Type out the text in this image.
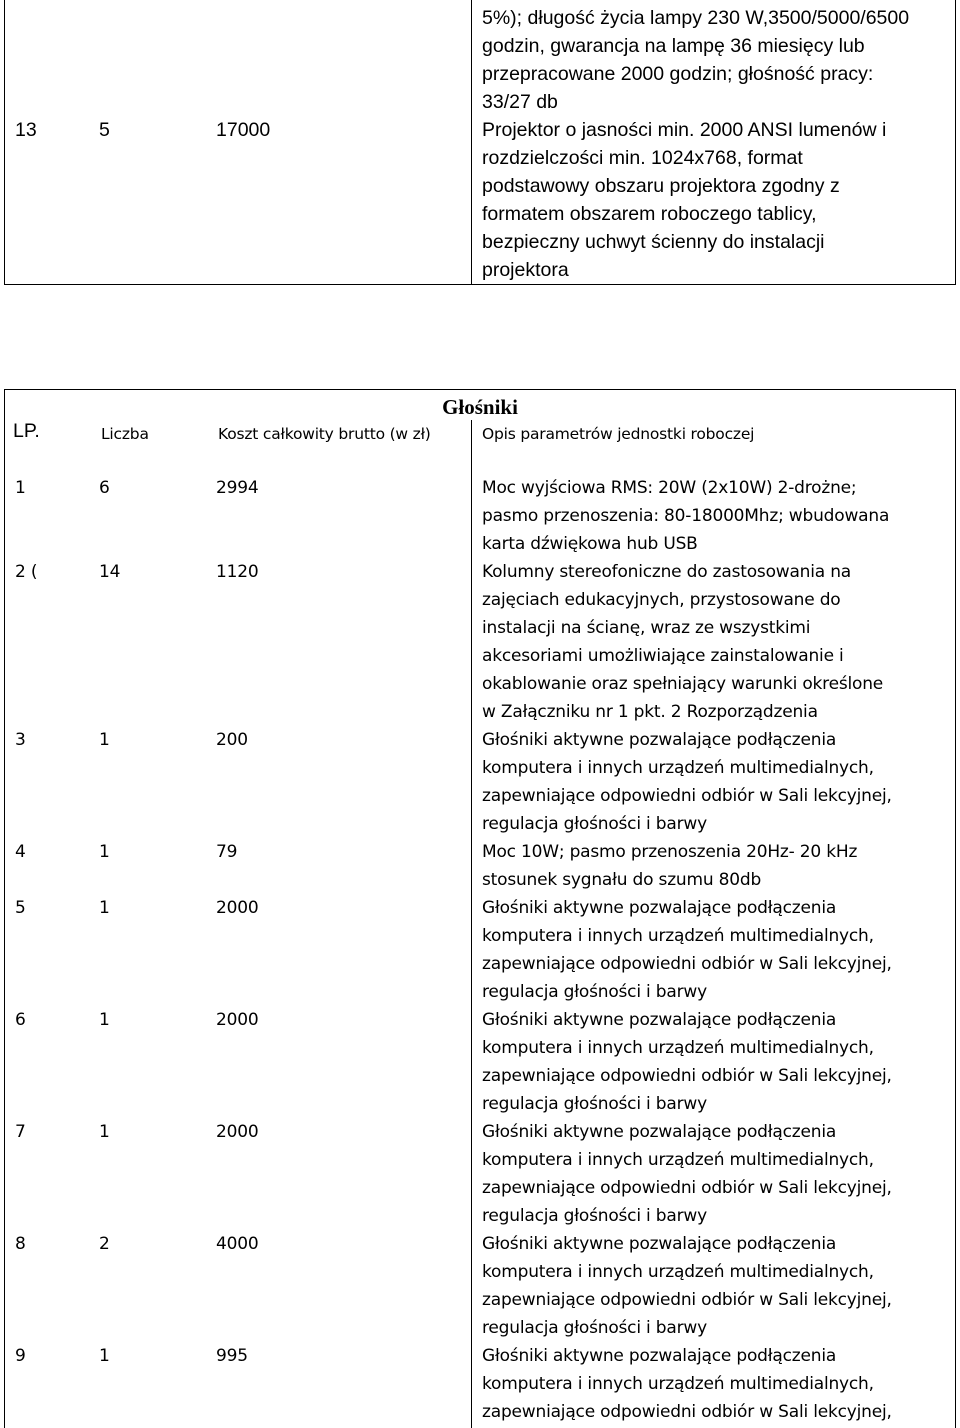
5%); długość życia lampy 230 W,3500/5000/6500
godzin, gwarancja na lampę 36 miesięcy lub
przepracowane 2000 godzin; głośność pracy:
33/27 db
13	5	17000	Projektor o jasności min. 2000 ANSI lumenów i
rozdzielczości min. 1024x768, format
podstawowy obszaru projektora zgodny z
formatem obszarem roboczego tablicy,
bezpieczny uchwyt ścienny do instalacji
projektora
Głośniki
LP.	Liczba	Koszt całkowity brutto (w zł)	Opis parametrów jednostki roboczej
1	6	2994	Moc wyjściowa RMS: 20W (2x10W) 2-drożne;
pasmo przenoszenia: 80-18000Mhz; wbudowana
karta dźwiękowa hub USB
2 (	14	1120	Kolumny stereofoniczne do zastosowania na
zajęciach edukacyjnych, przystosowane do
instalacji na ścianę, wraz ze wszystkimi
akcesoriami umożliwiające zainstalowanie i
okablowanie oraz spełniający warunki określone
w Załączniku nr 1 pkt. 2 Rozporządzenia
3	1	200	Głośniki aktywne pozwalające podłączenia
komputera i innych urządzeń multimedialnych,
zapewniające odpowiedni odbiór w Sali lekcyjnej,
regulacja głośności i barwy
4	1	79	Moc 10W; pasmo przenoszenia 20Hz- 20 kHz
stosunek sygnału do szumu 80db
5	1	2000	Głośniki aktywne pozwalające podłączenia
komputera i innych urządzeń multimedialnych,
zapewniające odpowiedni odbiór w Sali lekcyjnej,
regulacja głośności i barwy
6	1	2000	Głośniki aktywne pozwalające podłączenia
komputera i innych urządzeń multimedialnych,
zapewniające odpowiedni odbiór w Sali lekcyjnej,
regulacja głośności i barwy
7	1	2000	Głośniki aktywne pozwalające podłączenia
komputera i innych urządzeń multimedialnych,
zapewniające odpowiedni odbiór w Sali lekcyjnej,
regulacja głośności i barwy
8	2	4000	Głośniki aktywne pozwalające podłączenia
komputera i innych urządzeń multimedialnych,
zapewniające odpowiedni odbiór w Sali lekcyjnej,
regulacja głośności i barwy
9	1	995	Głośniki aktywne pozwalające podłączenia
komputera i innych urządzeń multimedialnych,
zapewniające odpowiedni odbiór w Sali lekcyjnej,
